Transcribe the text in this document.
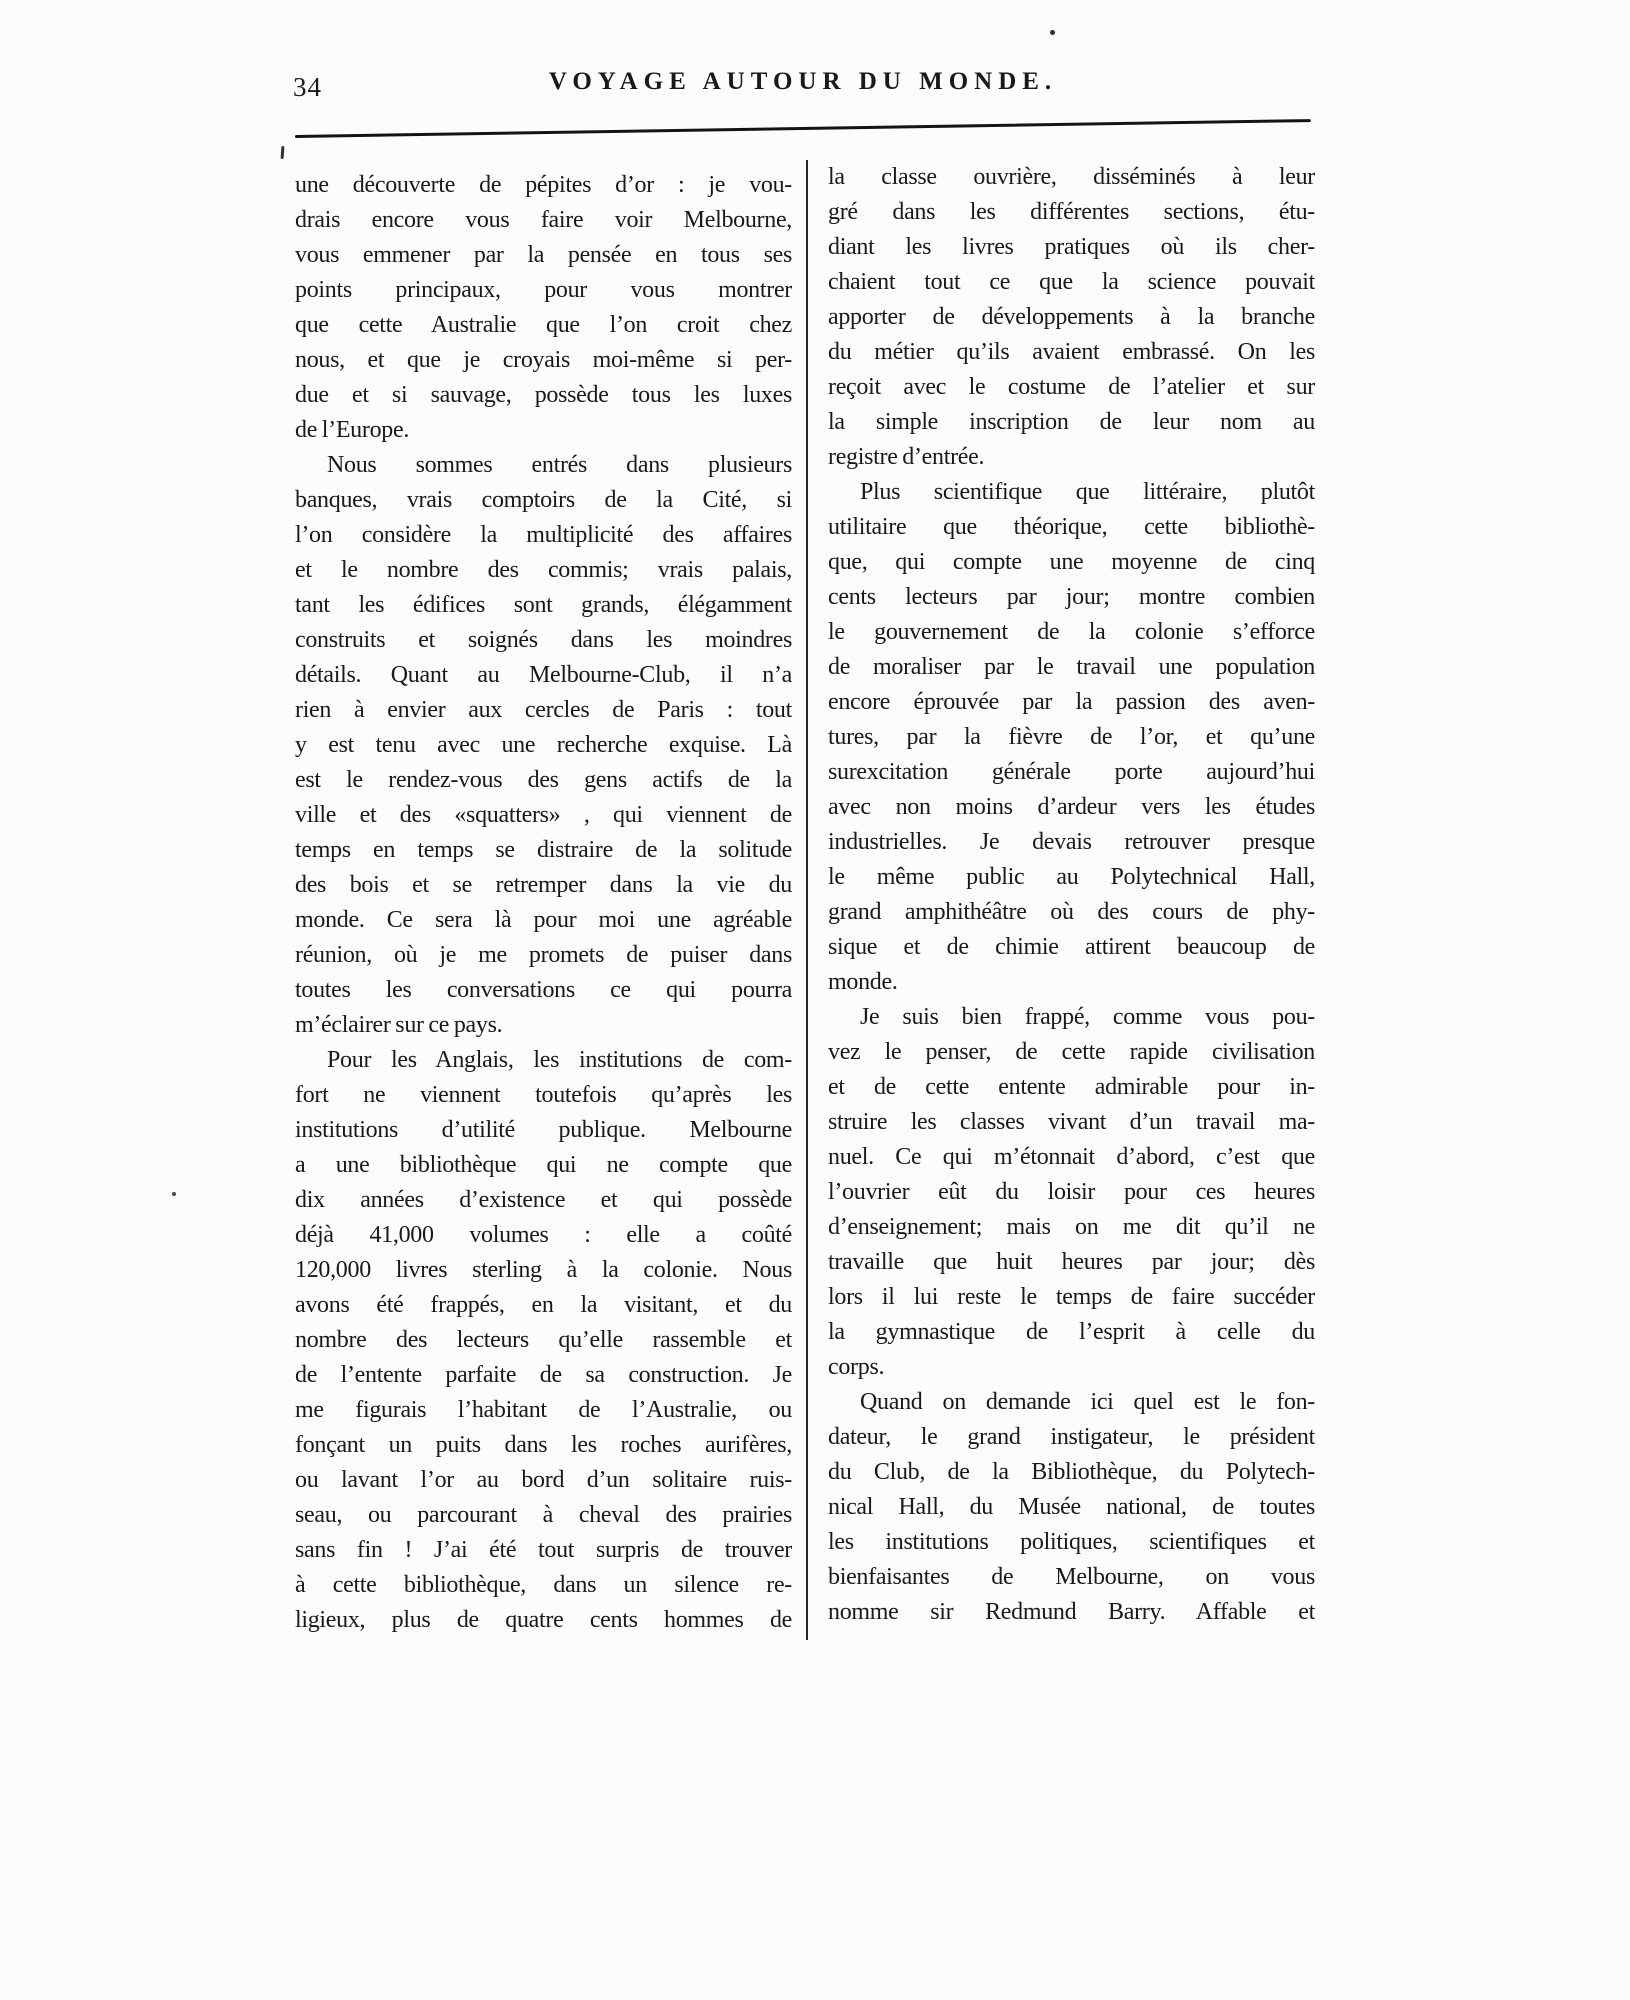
34	VOYAGE AUTOUR DU MONDE.
une découverte de pépites d’or : je vou-
drais encore vous faire voir Melbourne,
vous emmener par la pensée en tous ses
points principaux, pour vous montrer
que cette Australie que l’on croit chez
nous, et que je croyais moi-même si per-
due et si sauvage, possède tous les luxes
de l’Europe.
Nous sommes entrés dans plusieurs
banques, vrais comptoirs de la Cité, si
l’on considère la multiplicité des affaires
et le nombre des commis; vrais palais,
tant les édifices sont grands, élégamment
construits et soignés dans les moindres
détails. Quant au Melbourne-Club, il n’a
rien à envier aux cercles de Paris : tout
y est tenu avec une recherche exquise. Là
est le rendez-vous des gens actifs de la
ville et des «squatters» , qui viennent de
temps en temps se distraire de la solitude
des bois et se retremper dans la vie du
monde. Ce sera là pour moi une agréable
réunion, où je me promets de puiser dans
toutes les conversations ce qui pourra
m’éclairer sur ce pays.
Pour les Anglais, les institutions de com-
fort ne viennent toutefois qu’après les
institutions d’utilité publique. Melbourne
a une bibliothèque qui ne compte que
dix années d’existence et qui possède
déjà 41,000 volumes : elle a coûté
120,000 livres sterling à la colonie. Nous
avons été frappés, en la visitant, et du
nombre des lecteurs qu’elle rassemble et
de l’entente parfaite de sa construction. Je
me figurais l’habitant de l’Australie, ou
fonçant un puits dans les roches aurifères,
ou lavant l’or au bord d’un solitaire ruis-
seau, ou parcourant à cheval des prairies
sans fin ! J’ai été tout surpris de trouver
à cette bibliothèque, dans un silence re-
ligieux, plus de quatre cents hommes de
la classe ouvrière, disséminés à leur
gré dans les différentes sections, étu-
diant les livres pratiques où ils cher-
chaient tout ce que la science pouvait
apporter de développements à la branche
du métier qu’ils avaient embrassé. On les
reçoit avec le costume de l’atelier et sur
la simple inscription de leur nom au
registre d’entrée.
Plus scientifique que littéraire, plutôt
utilitaire que théorique, cette bibliothè-
que, qui compte une moyenne de cinq
cents lecteurs par jour; montre combien
le gouvernement de la colonie s’efforce
de moraliser par le travail une population
encore éprouvée par la passion des aven-
tures, par la fièvre de l’or, et qu’une
surexcitation générale porte aujourd’hui
avec non moins d’ardeur vers les études
industrielles. Je devais retrouver presque
le même public au Polytechnical Hall,
grand amphithéâtre où des cours de phy-
sique et de chimie attirent beaucoup de
monde.
Je suis bien frappé, comme vous pou-
vez le penser, de cette rapide civilisation
et de cette entente admirable pour in-
struire les classes vivant d’un travail ma-
nuel. Ce qui m’étonnait d’abord, c’est que
l’ouvrier eût du loisir pour ces heures
d’enseignement; mais on me dit qu’il ne
travaille que huit heures par jour; dès
lors il lui reste le temps de faire succéder
la gymnastique de l’esprit à celle du
corps.
Quand on demande ici quel est le fon-
dateur, le grand instigateur, le président
du Club, de la Bibliothèque, du Polytech-
nical Hall, du Musée national, de toutes
les institutions politiques, scientifiques et
bienfaisantes de Melbourne, on vous
nomme sir Redmund Barry. Affable et
